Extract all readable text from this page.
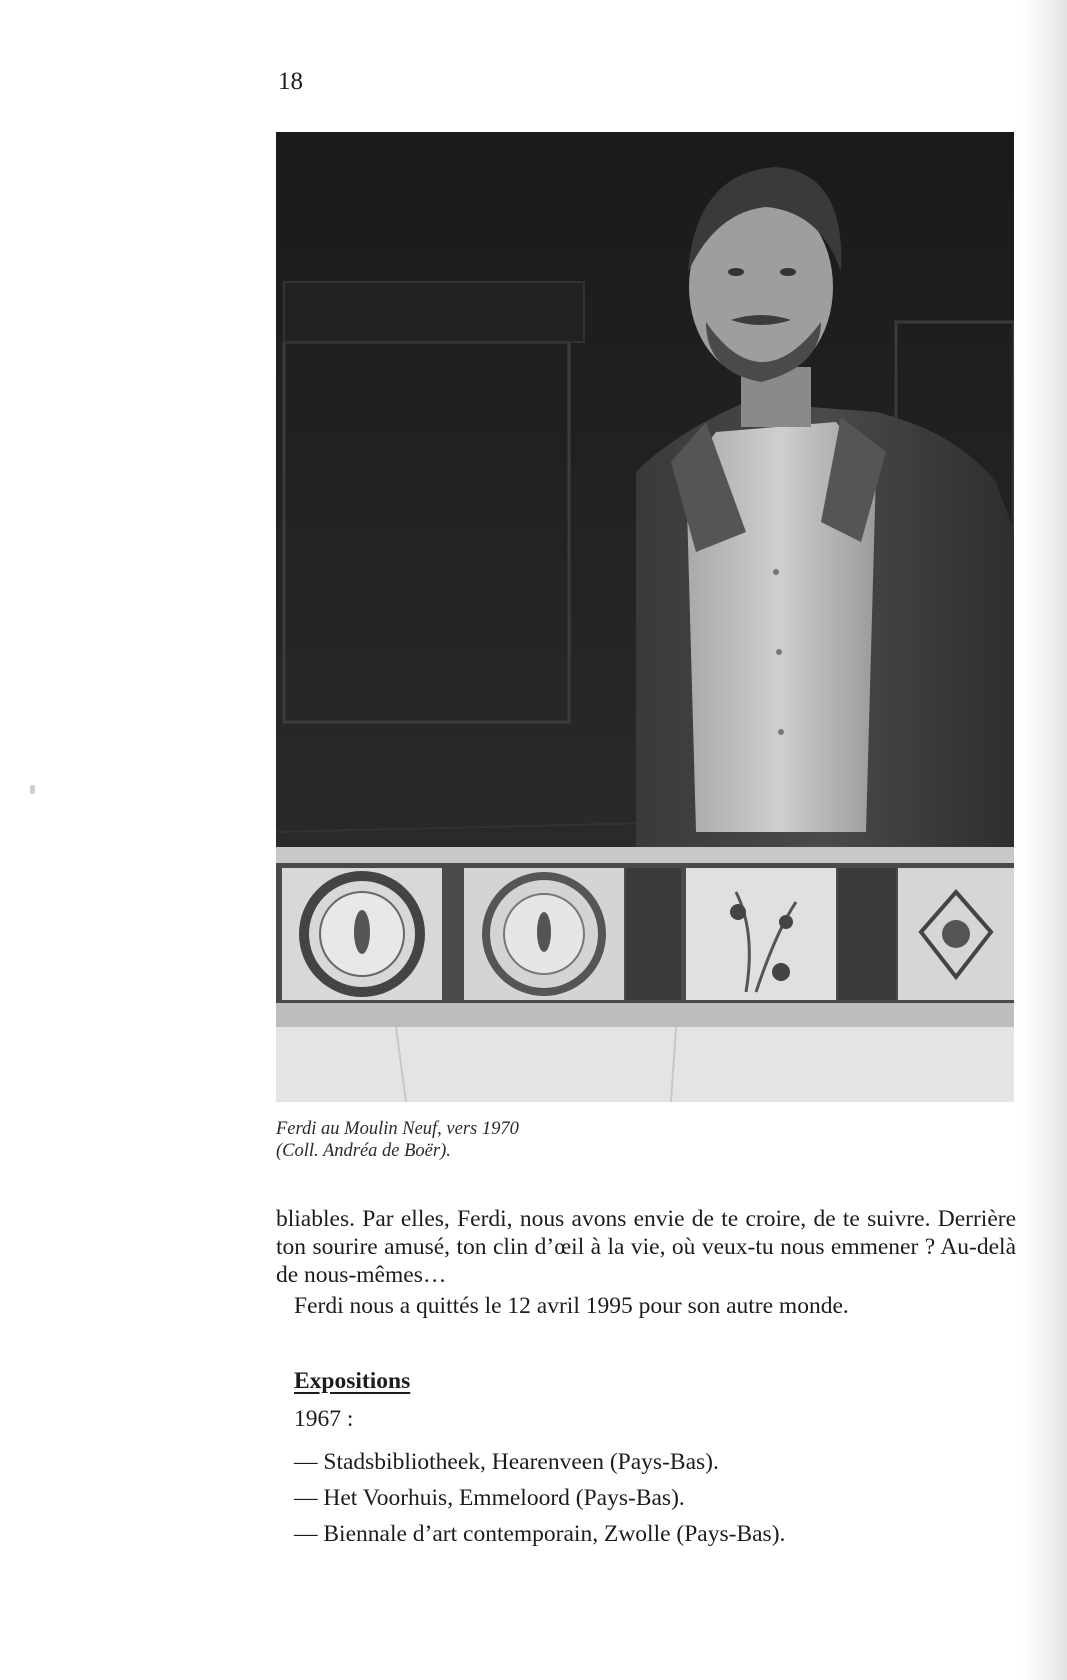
18
Ferdi au Moulin Neuf, vers 1970
(Coll. Andréa de Boër).
bliables. Par elles, Ferdi, nous avons envie de te croire, de te suivre. Derrière ton sourire amusé, ton clin d’œil à la vie, où veux-tu nous emmener ? Au-delà de nous-mêmes…
Ferdi nous a quittés le 12 avril 1995 pour son autre monde.
Expositions
1967 :
— Stadsbibliotheek, Hearenveen (Pays-Bas).
— Het Voorhuis, Emmeloord (Pays-Bas).
— Biennale d’art contemporain, Zwolle (Pays-Bas).
